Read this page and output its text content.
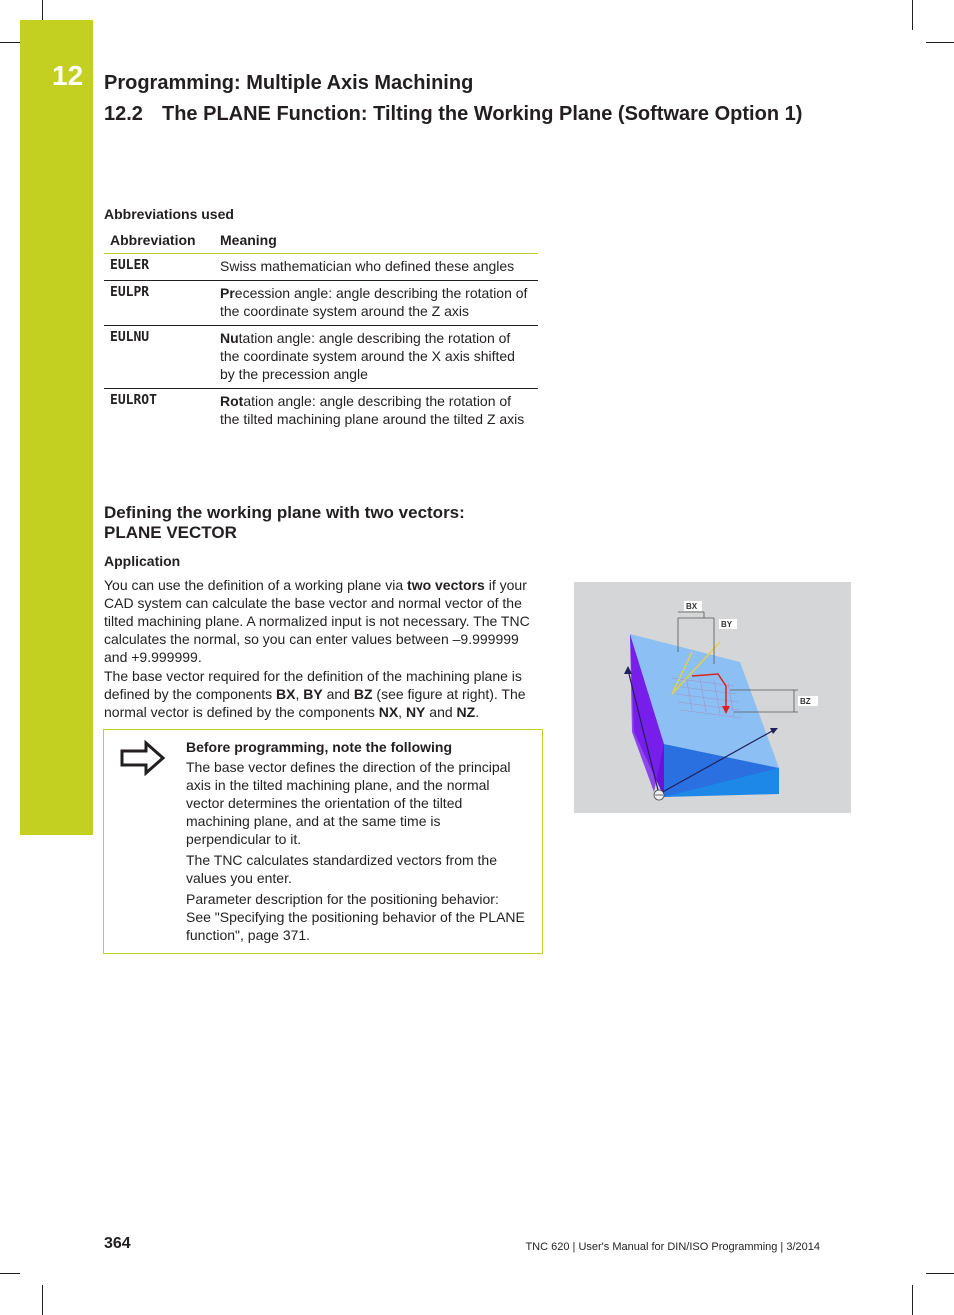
12 Programming: Multiple Axis Machining
12.2 The PLANE Function: Tilting the Working Plane (Software Option 1)
Abbreviations used
Abbreviation	Meaning
EULER	Swiss mathematician who defined these angles
EULPR	Precession angle: angle describing the rotation of the coordinate system around the Z axis
EULNU	Nutation angle: angle describing the rotation of the coordinate system around the X axis shifted by the precession angle
EULROT	Rotation angle: angle describing the rotation of the tilted machining plane around the tilted Z axis
Defining the working plane with two vectors:
PLANE VECTOR
Application
You can use the definition of a working plane via two vectors if your CAD system can calculate the base vector and normal vector of the tilted machining plane. A normalized input is not necessary. The TNC calculates the normal, so you can enter values between –9.999999 and +9.999999.
The base vector required for the definition of the machining plane is defined by the components BX, BY and BZ (see figure at right). The normal vector is defined by the components NX, NY and NZ.
Before programming, note the following

The base vector defines the direction of the principal axis in the tilted machining plane, and the normal vector determines the orientation of the tilted machining plane, and at the same time is perpendicular to it.

The TNC calculates standardized vectors from the values you enter.

Parameter description for the positioning behavior: See "Specifying the positioning behavior of the PLANE function", page 371.

BX
BY
BZ
364	TNC 620 | User's Manual for DIN/ISO Programming | 3/2014
